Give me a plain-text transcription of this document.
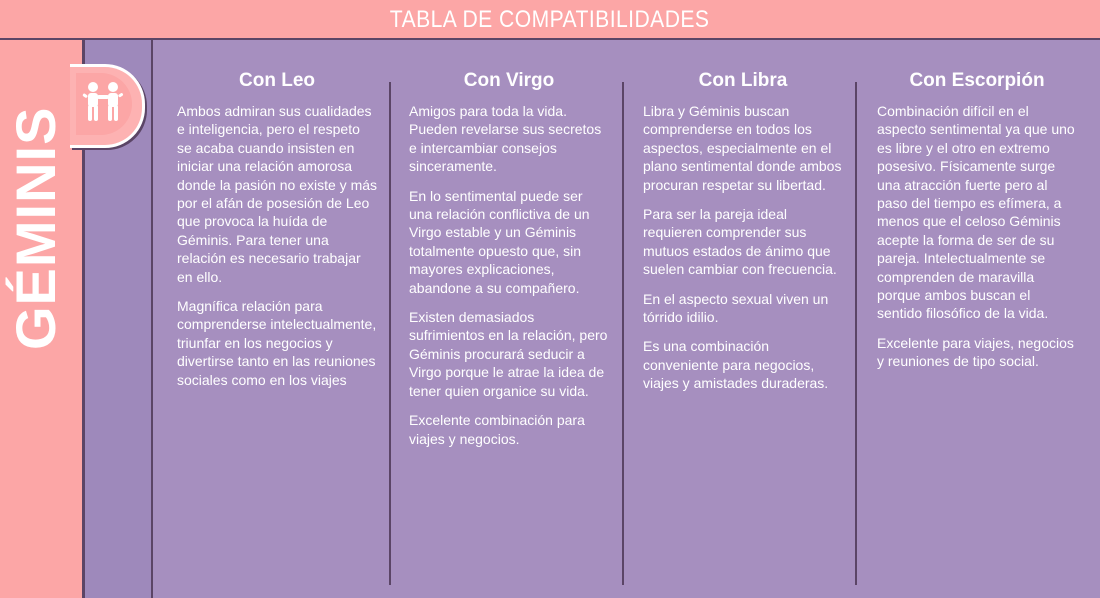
TABLA DE COMPATIBILIDADES
GÉMINIS
Con Leo

Ambos admiran sus cualidades e inteligencia, pero el respeto se acaba cuando insisten en iniciar una relación amorosa donde la pasión no existe y más por el afán de posesión de Leo que provoca la huída de Géminis. Para tener una relación es necesario trabajar en ello.

Magnífica relación para comprenderse intelectualmente, triunfar en los negocios y divertirse tanto en las reuniones sociales como en los viajes

Con Virgo

Amigos para toda la vida. Pueden revelarse sus secretos e intercambiar consejos sinceramente.

En lo sentimental puede ser una relación conflictiva de un Virgo estable y un Géminis totalmente opuesto que, sin mayores explicaciones, abandone a su compañero.

Existen demasiados sufrimientos en la relación, pero Géminis procurará seducir a Virgo porque le atrae la idea de tener quien organice su vida.

Excelente combinación para viajes y negocios.

Con Libra

Libra y Géminis buscan comprenderse en todos los aspectos, especialmente en el plano sentimental donde ambos procuran respetar su libertad.

Para ser la pareja ideal requieren comprender sus mutuos estados de ánimo que suelen cambiar con frecuencia.

En el aspecto sexual viven un tórrido idilio.

Es una combinación conveniente para negocios, viajes y amistades duraderas.

Con Escorpión

Combinación difícil en el aspecto sentimental ya que uno es libre y el otro en extremo posesivo. Físicamente surge una atracción fuerte pero al paso del tiempo es efímera, a menos que el celoso Géminis acepte la forma de ser de su pareja. Intelectualmente se comprenden de maravilla porque ambos buscan el sentido filosófico de la vida.

Excelente para viajes, negocios y reuniones de tipo social.
